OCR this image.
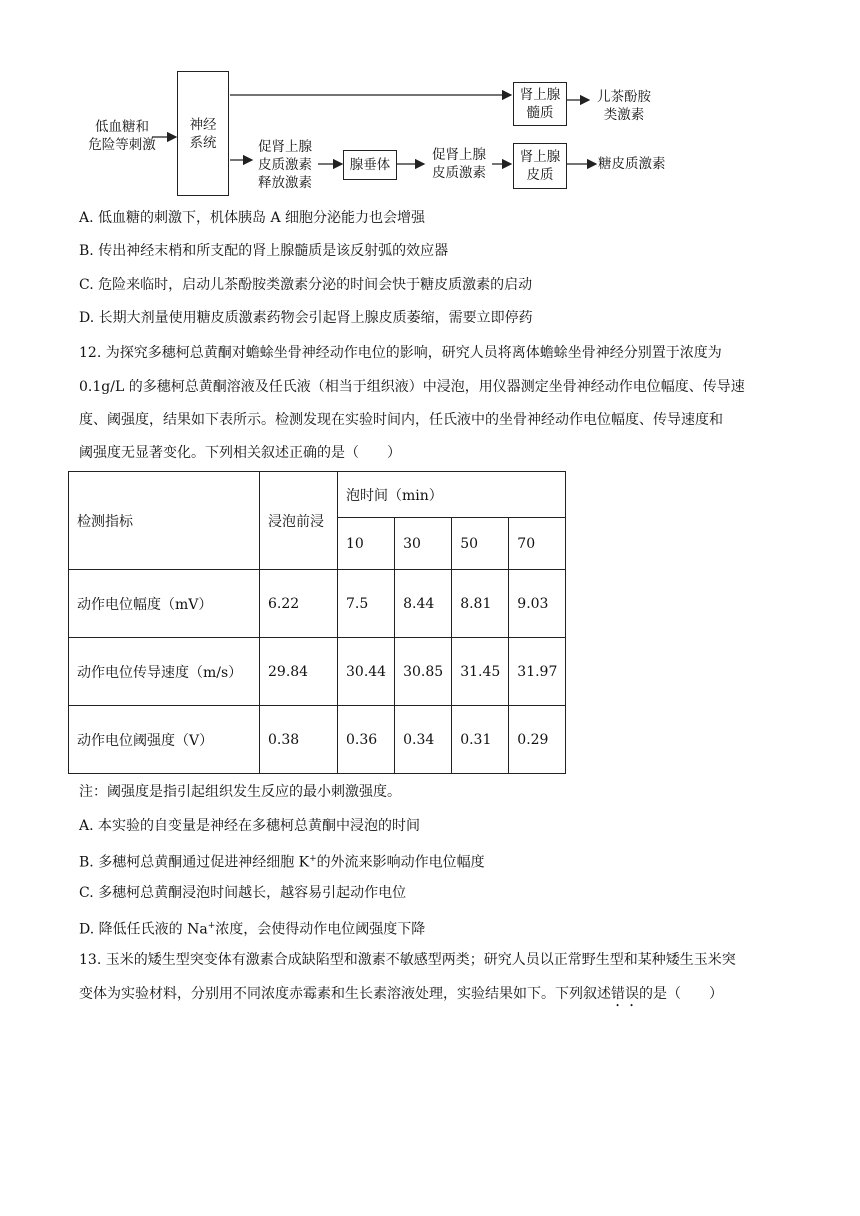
低血糖和
危险等刺激
神经
系统	促肾上腺
皮质激素
释放激素
腺垂体
促肾上腺
皮质激素
肾上腺
髓质
肾上腺
皮质
儿茶酚胺
类激素
糖皮质激素
A. 低血糖的刺激下，机体胰岛 A 细胞分泌能力也会增强
B. 传出神经末梢和所支配的肾上腺髓质是该反射弧的效应器
C. 危险来临时，启动儿茶酚胺类激素分泌的时间会快于糖皮质激素的启动
D. 长期大剂量使用糖皮质激素药物会引起肾上腺皮质萎缩，需要立即停药
12. 为探究多穗柯总黄酮对蟾蜍坐骨神经动作电位的影响，研究人员将离体蟾蜍坐骨神经分别置于浓度为
0.1g/L 的多穗柯总黄酮溶液及任氏液（相当于组织液）中浸泡，用仪器测定坐骨神经动作电位幅度、传导速
度、阈强度，结果如下表所示。检测发现在实验时间内，任氏液中的坐骨神经动作电位幅度、传导速度和
阈强度无显著变化。下列相关叙述正确的是（　　）
检测指标	浸泡前浸	泡时间（min）			
		10	30	50	70
动作电位幅度（mV）	6.22	7.5	8.44	8.81	9.03
动作电位传导速度（m/s）	29.84	30.44	30.85	31.45	31.97
动作电位阈强度（V）	0.38	0.36	0.34	0.31	0.29
注：阈强度是指引起组织发生反应的最小刺激强度。
A. 本实验的自变量是神经在多穗柯总黄酮中浸泡的时间
B. 多穗柯总黄酮通过促进神经细胞 K+的外流来影响动作电位幅度
C. 多穗柯总黄酮浸泡时间越长，越容易引起动作电位
D. 降低任氏液的 Na+浓度，会使得动作电位阈强度下降
13. 玉米的矮生型突变体有激素合成缺陷型和激素不敏感型两类；研究人员以正常野生型和某种矮生玉米突
变体为实验材料，分别用不同浓度赤霉素和生长素溶液处理，实验结果如下。下列叙述错误的是（　　）
